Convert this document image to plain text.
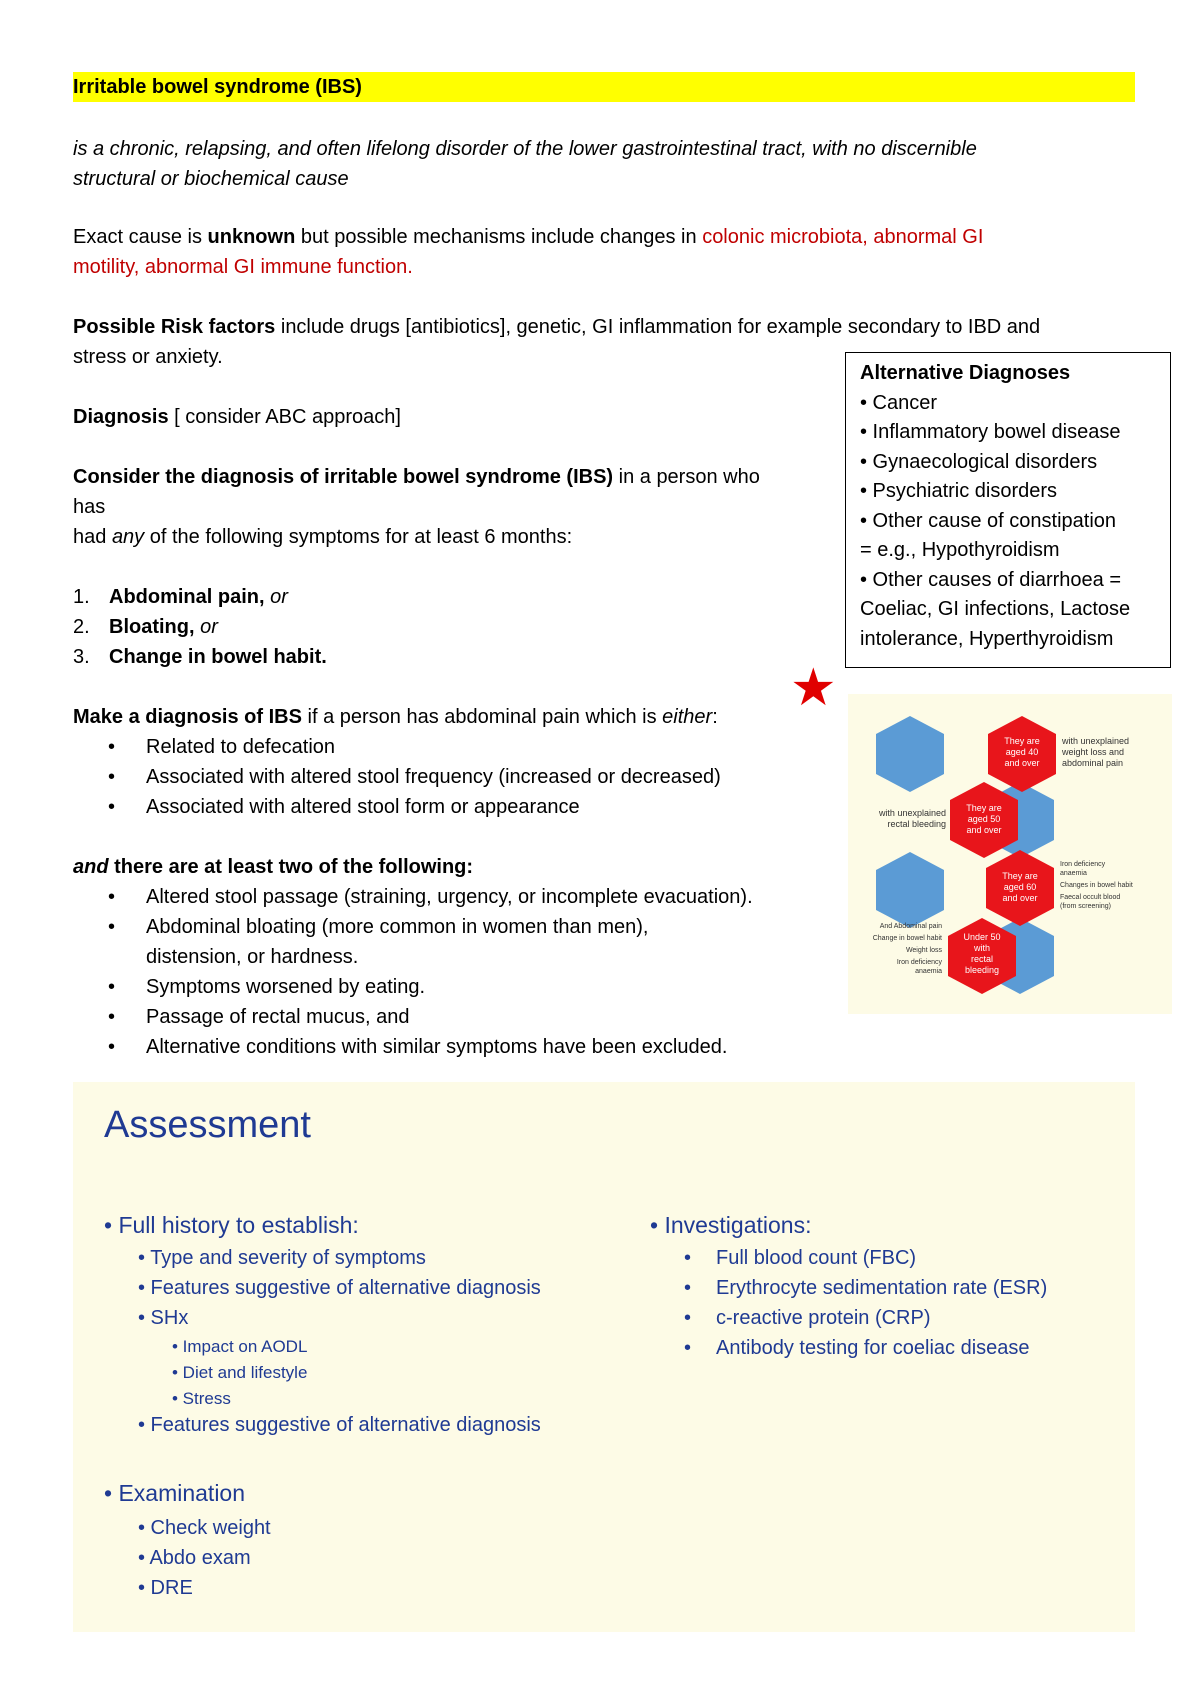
Irritable bowel syndrome (IBS)
is a chronic, relapsing, and often lifelong disorder of the lower gastrointestinal tract, with no discernible
structural or biochemical cause
Exact cause is unknown but possible mechanisms include changes in colonic microbiota, abnormal GI
motility, abnormal GI immune function.
Possible Risk factors include drugs [antibiotics], genetic, GI inflammation for example secondary to IBD and
stress or anxiety.
Diagnosis [ consider ABC approach]
Consider the diagnosis of irritable bowel syndrome (IBS) in a person who
has
had any of the following symptoms for at least 6 months:
1. Abdominal pain, or
2. Bloating, or
3. Change in bowel habit.
Make a diagnosis of IBS if a person has abdominal pain which is either:
• Related to defecation
• Associated with altered stool frequency (increased or decreased)
• Associated with altered stool form or appearance
and there are at least two of the following:
• Altered stool passage (straining, urgency, or incomplete evacuation).
• Abdominal bloating (more common in women than men),
distension, or hardness.
• Symptoms worsened by eating.
• Passage of rectal mucus, and
• Alternative conditions with similar symptoms have been excluded.
Alternative Diagnoses
• Cancer
• Inflammatory bowel disease
• Gynaecological disorders
• Psychiatric disorders
• Other cause of constipation
= e.g., Hypothyroidism
• Other causes of diarrhoea =
Coeliac, GI infections, Lactose
intolerance, Hyperthyroidism
★
They are
aged 40
and over
They are
aged 50
and over
They are
aged 60
and over
Under 50
with
rectal
bleeding
with unexplained
weight loss and
abdominal pain
with unexplained
rectal bleeding
Iron deficiency
anaemia
Changes in bowel habit
Faecal occult blood
(from screening)
And Abdominal pain
Change in bowel habit
Weight loss
Iron deficiency
anaemia
Assessment
• Full history to establish:
• Type and severity of symptoms
• Features suggestive of alternative diagnosis
• SHx
• Impact on AODL
• Diet and lifestyle
• Stress
• Features suggestive of alternative diagnosis
• Examination
• Check weight
• Abdo exam
• DRE
• Investigations:
• Full blood count (FBC)
• Erythrocyte sedimentation rate (ESR)
• c-reactive protein (CRP)
• Antibody testing for coeliac disease
